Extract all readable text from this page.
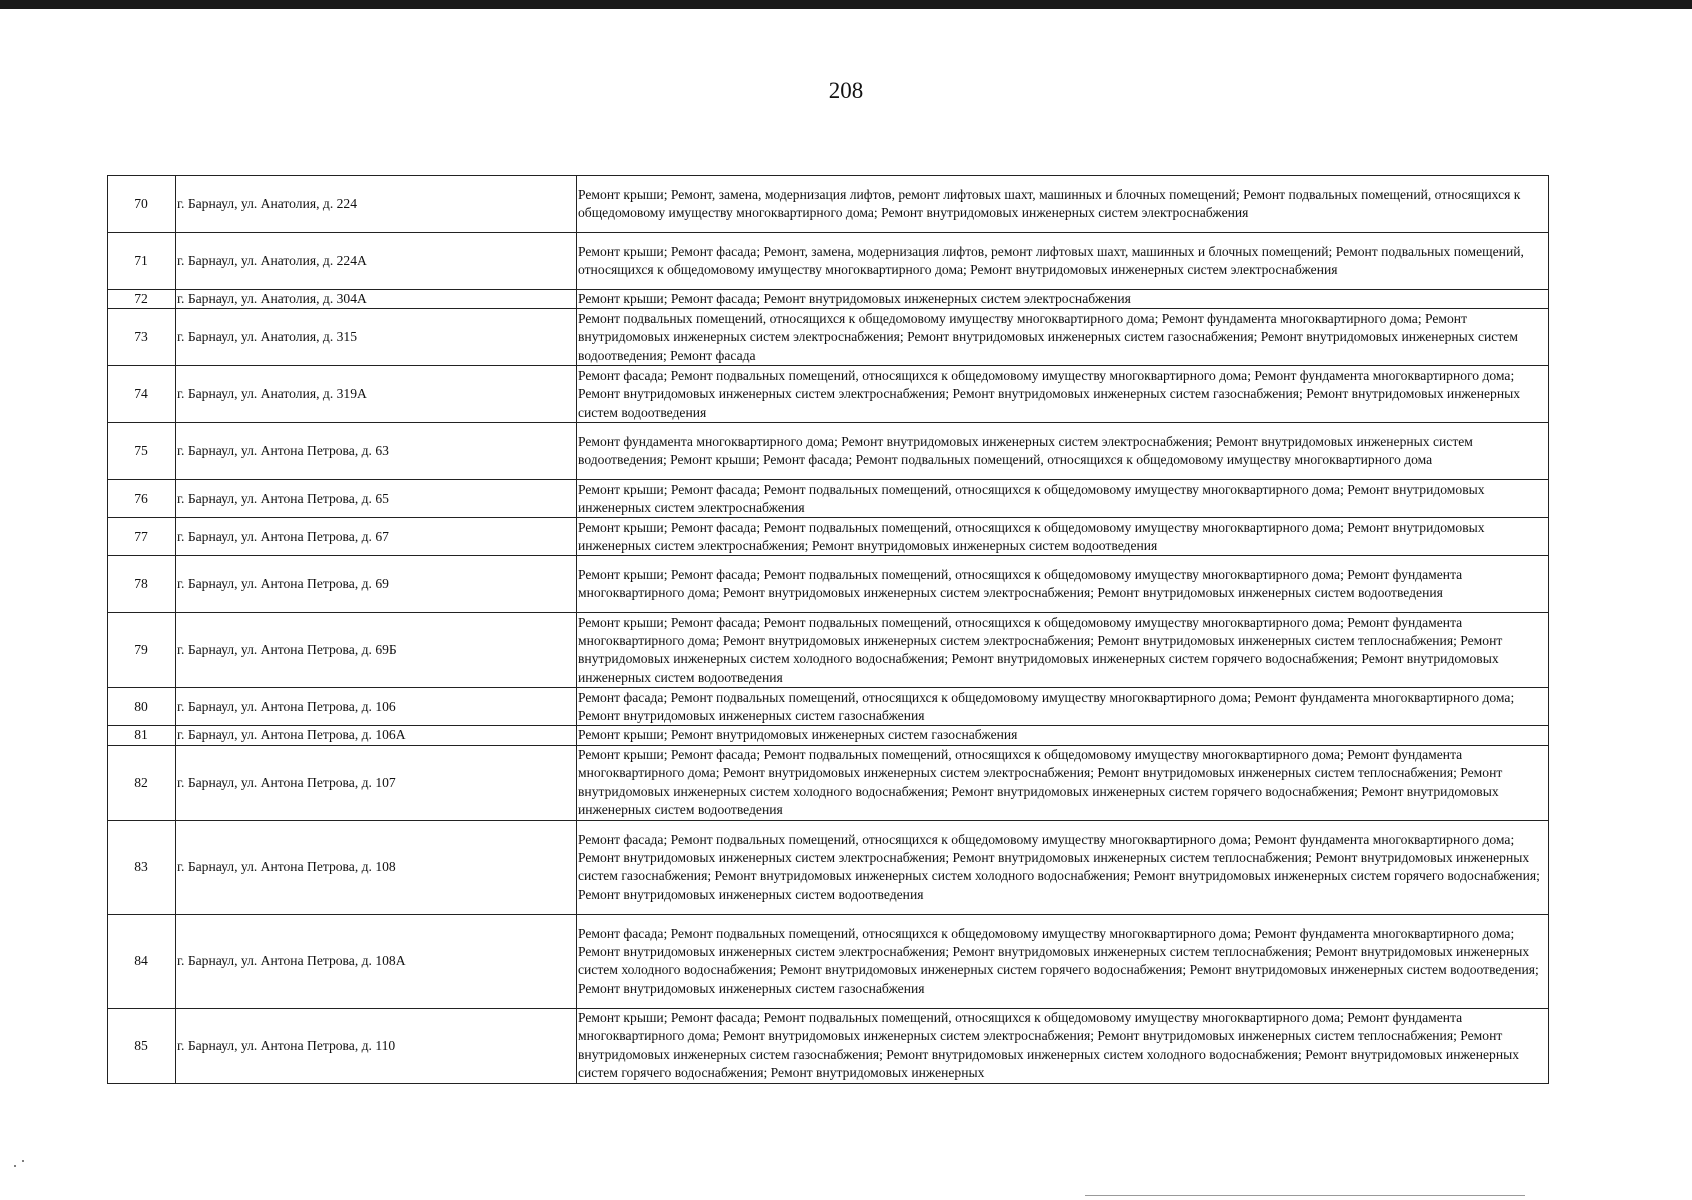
208
70	г. Барнаул, ул. Анатолия, д. 224	Ремонт крыши; Ремонт, замена, модернизация лифтов, ремонт лифтовых шахт, машинных и блочных помещений; Ремонт подвальных помещений, относящихся к общедомовому имуществу многоквартирного дома; Ремонт внутридомовых инженерных систем электроснабжения
71	г. Барнаул, ул. Анатолия, д. 224А	Ремонт крыши; Ремонт фасада; Ремонт, замена, модернизация лифтов, ремонт лифтовых шахт, машинных и блочных помещений; Ремонт подвальных помещений, относящихся к общедомовому имуществу многоквартирного дома; Ремонт внутридомовых инженерных систем электроснабжения
72	г. Барнаул, ул. Анатолия, д. 304А	Ремонт крыши; Ремонт фасада; Ремонт внутридомовых инженерных систем электроснабжения
73	г. Барнаул, ул. Анатолия, д. 315	Ремонт подвальных помещений, относящихся к общедомовому имуществу многоквартирного дома; Ремонт фундамента многоквартирного дома; Ремонт внутридомовых инженерных систем электроснабжения; Ремонт внутридомовых инженерных систем газоснабжения; Ремонт внутридомовых инженерных систем водоотведения; Ремонт фасада
74	г. Барнаул, ул. Анатолия, д. 319А	Ремонт фасада; Ремонт подвальных помещений, относящихся к общедомовому имуществу многоквартирного дома; Ремонт фундамента многоквартирного дома; Ремонт внутридомовых инженерных систем электроснабжения; Ремонт внутридомовых инженерных систем газоснабжения; Ремонт внутридомовых инженерных систем водоотведения
75	г. Барнаул, ул. Антона Петрова, д. 63	Ремонт фундамента многоквартирного дома; Ремонт внутридомовых инженерных систем электроснабжения; Ремонт внутридомовых инженерных систем водоотведения; Ремонт крыши; Ремонт фасада; Ремонт подвальных помещений, относящихся к общедомовому имуществу многоквартирного дома
76	г. Барнаул, ул. Антона Петрова, д. 65	Ремонт крыши; Ремонт фасада; Ремонт подвальных помещений, относящихся к общедомовому имуществу многоквартирного дома; Ремонт внутридомовых инженерных систем электроснабжения
77	г. Барнаул, ул. Антона Петрова, д. 67	Ремонт крыши; Ремонт фасада; Ремонт подвальных помещений, относящихся к общедомовому имуществу многоквартирного дома; Ремонт внутридомовых инженерных систем электроснабжения; Ремонт внутридомовых инженерных систем водоотведения
78	г. Барнаул, ул. Антона Петрова, д. 69	Ремонт крыши; Ремонт фасада; Ремонт подвальных помещений, относящихся к общедомовому имуществу многоквартирного дома; Ремонт фундамента многоквартирного дома; Ремонт внутридомовых инженерных систем электроснабжения; Ремонт внутридомовых инженерных систем водоотведения
79	г. Барнаул, ул. Антона Петрова, д. 69Б	Ремонт крыши; Ремонт фасада; Ремонт подвальных помещений, относящихся к общедомовому имуществу многоквартирного дома; Ремонт фундамента многоквартирного дома; Ремонт внутридомовых инженерных систем электроснабжения; Ремонт внутридомовых инженерных систем теплоснабжения; Ремонт внутридомовых инженерных систем холодного водоснабжения; Ремонт внутридомовых инженерных систем горячего водоснабжения; Ремонт внутридомовых инженерных систем водоотведения
80	г. Барнаул, ул. Антона Петрова, д. 106	Ремонт фасада; Ремонт подвальных помещений, относящихся к общедомовому имуществу многоквартирного дома; Ремонт фундамента многоквартирного дома; Ремонт внутридомовых инженерных систем газоснабжения
81	г. Барнаул, ул. Антона Петрова, д. 106А	Ремонт крыши; Ремонт внутридомовых инженерных систем газоснабжения
82	г. Барнаул, ул. Антона Петрова, д. 107	Ремонт крыши; Ремонт фасада; Ремонт подвальных помещений, относящихся к общедомовому имуществу многоквартирного дома; Ремонт фундамента многоквартирного дома; Ремонт внутридомовых инженерных систем электроснабжения; Ремонт внутридомовых инженерных систем теплоснабжения; Ремонт внутридомовых инженерных систем холодного водоснабжения; Ремонт внутридомовых инженерных систем горячего водоснабжения; Ремонт внутридомовых инженерных систем водоотведения
83	г. Барнаул, ул. Антона Петрова, д. 108	Ремонт фасада; Ремонт подвальных помещений, относящихся к общедомовому имуществу многоквартирного дома; Ремонт фундамента многоквартирного дома; Ремонт внутридомовых инженерных систем электроснабжения; Ремонт внутридомовых инженерных систем теплоснабжения; Ремонт внутридомовых инженерных систем газоснабжения; Ремонт внутридомовых инженерных систем холодного водоснабжения; Ремонт внутридомовых инженерных систем горячего водоснабжения; Ремонт внутридомовых инженерных систем водоотведения
84	г. Барнаул, ул. Антона Петрова, д. 108А	Ремонт фасада; Ремонт подвальных помещений, относящихся к общедомовому имуществу многоквартирного дома; Ремонт фундамента многоквартирного дома; Ремонт внутридомовых инженерных систем электроснабжения; Ремонт внутридомовых инженерных систем теплоснабжения; Ремонт внутридомовых инженерных систем холодного водоснабжения; Ремонт внутридомовых инженерных систем горячего водоснабжения; Ремонт внутридомовых инженерных систем водоотведения; Ремонт внутридомовых инженерных систем газоснабжения
85	г. Барнаул, ул. Антона Петрова, д. 110	Ремонт крыши; Ремонт фасада; Ремонт подвальных помещений, относящихся к общедомовому имуществу многоквартирного дома; Ремонт фундамента многоквартирного дома; Ремонт внутридомовых инженерных систем электроснабжения; Ремонт внутридомовых инженерных систем теплоснабжения; Ремонт внутридомовых инженерных систем газоснабжения; Ремонт внутридомовых инженерных систем холодного водоснабжения; Ремонт внутридомовых инженерных систем горячего водоснабжения; Ремонт внутридомовых инженерных
